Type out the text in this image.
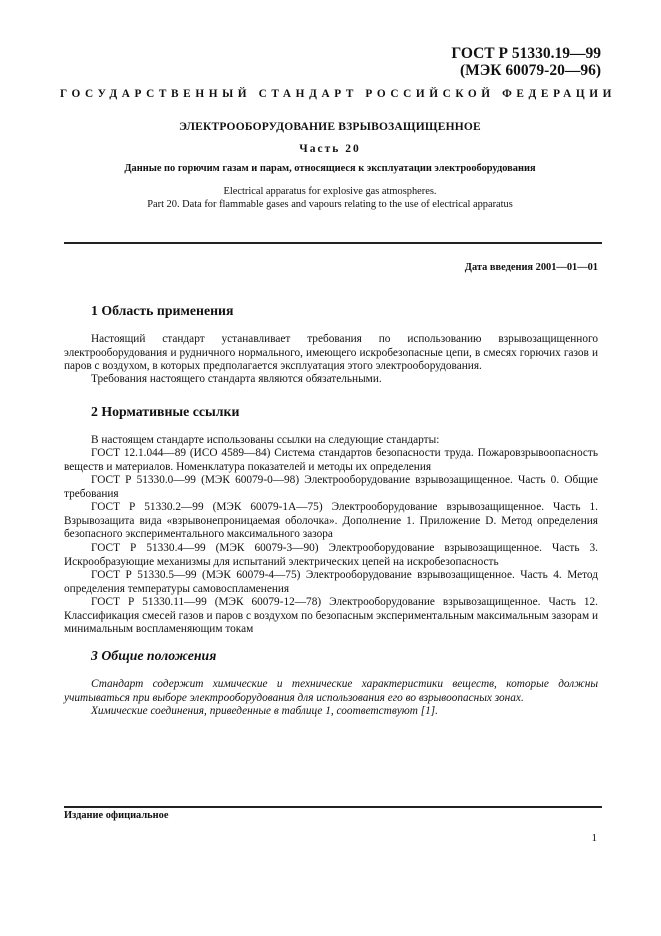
ГОСТ Р 51330.19—99
(МЭК 60079-20—96)
ГОСУДАРСТВЕННЫЙ СТАНДАРТ РОССИЙСКОЙ ФЕДЕРАЦИИ
ЭЛЕКТРООБОРУДОВАНИЕ ВЗРЫВОЗАЩИЩЕННОЕ
Часть 20
Данные по горючим газам и парам, относящиеся к эксплуатации электрооборудования
Electrical apparatus for explosive gas atmospheres.
Part 20. Data for flammable gases and vapours relating to the use of electrical apparatus
Дата введения 2001—01—01
1 Область применения
Настоящий стандарт устанавливает требования по использованию взрывозащищенного электрооборудования и рудничного нормального, имеющего искробезопасные цепи, в смесях горючих газов и паров с воздухом, в которых предполагается эксплуатация этого электрооборудования.
Требования настоящего стандарта являются обязательными.
2 Нормативные ссылки
В настоящем стандарте использованы ссылки на следующие стандарты:
ГОСТ 12.1.044—89 (ИСО 4589—84) Система стандартов безопасности труда. Пожаровзрывоопасность веществ и материалов. Номенклатура показателей и методы их определения
ГОСТ Р 51330.0—99 (МЭК 60079-0—98) Электрооборудование взрывозащищенное. Часть 0. Общие требования
ГОСТ Р 51330.2—99 (МЭК 60079-1А—75) Электрооборудование взрывозащищенное. Часть 1. Взрывозащита вида «взрывонепроницаемая оболочка». Дополнение 1. Приложение D. Метод определения безопасного экспериментального максимального зазора
ГОСТ Р 51330.4—99 (МЭК 60079-3—90) Электрооборудование взрывозащищенное. Часть 3. Искрообразующие механизмы для испытаний электрических цепей на искробезопасность
ГОСТ Р 51330.5—99 (МЭК 60079-4—75) Электрооборудование взрывозащищенное. Часть 4. Метод определения температуры самовоспламенения
ГОСТ Р 51330.11—99 (МЭК 60079-12—78) Электрооборудование взрывозащищенное. Часть 12. Классификация смесей газов и паров с воздухом по безопасным экспериментальным максимальным зазорам и минимальным воспламеняющим токам
3 Общие положения
Стандарт содержит химические и технические характеристики веществ, которые должны учитываться при выборе электрооборудования для использования его во взрывоопасных зонах.
Химические соединения, приведенные в таблице 1, соответствуют [1].
Издание официальное
1
